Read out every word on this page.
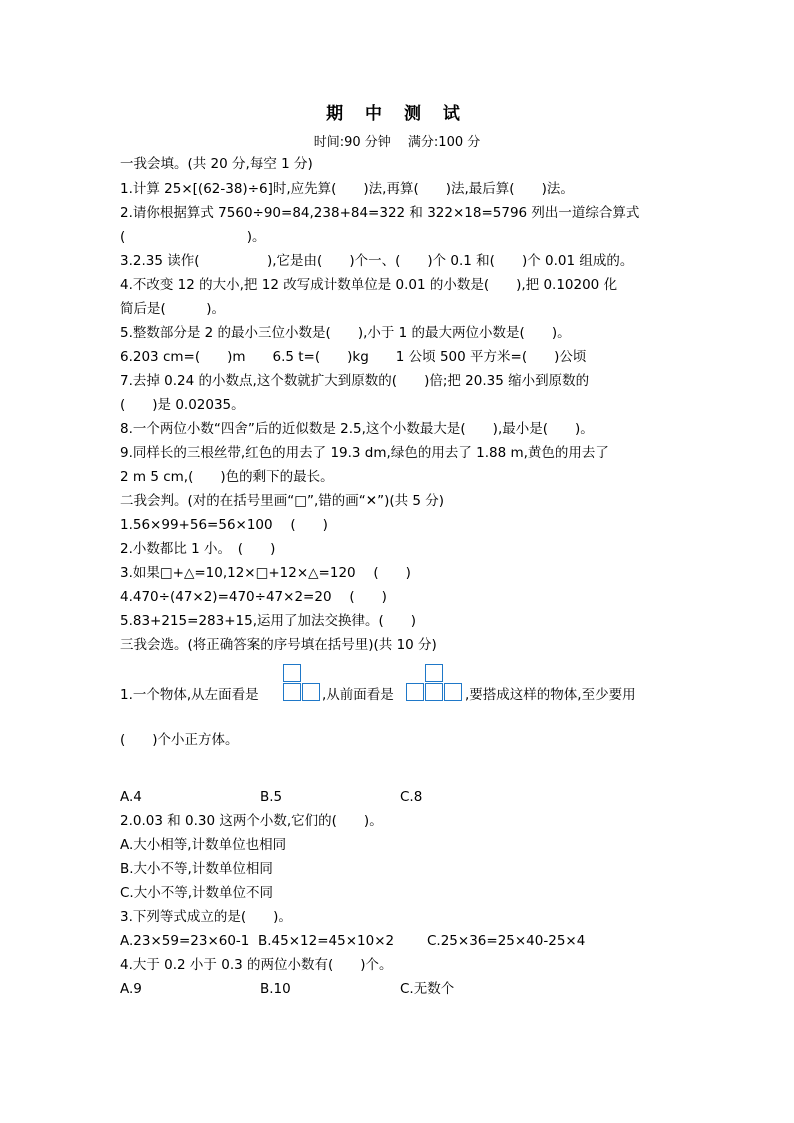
期 中 测 试
时间:90 分钟　 满分:100 分
一我会填。(共 20 分,每空 1 分)
1.计算 25×[(62-38)÷6]时,应先算(　　)法,再算(　　)法,最后算(　　)法。
2.请你根据算式 7560÷90=84,238+84=322 和 322×18=5796 列出一道综合算式
(　　　　　　　　　)。
3.2.35 读作(　　　　　),它是由(　　)个一、(　　)个 0.1 和(　　)个 0.01 组成的。
4.不改变 12 的大小,把 12 改写成计数单位是 0.01 的小数是(　　),把 0.10200 化
简后是(　　　)。
5.整数部分是 2 的最小三位小数是(　　),小于 1 的最大两位小数是(　　)。
6.203 cm=(　　)m　　6.5 t=(　　)kg　　1 公顷 500 平方米=(　　)公顷
7.去掉 0.24 的小数点,这个数就扩大到原数的(　　)倍;把 20.35 缩小到原数的
(　　)是 0.02035。
8.一个两位小数“四舍”后的近似数是 2.5,这个小数最大是(　　),最小是(　　)。
9.同样长的三根丝带,红色的用去了 19.3 dm,绿色的用去了 1.88 m,黄色的用去了
2 m 5 cm,(　　)色的剩下的最长。
二我会判。(对的在括号里画“□”,错的画“✕”)(共 5 分)
1.56×99+56=56×100　 (　　)
2.小数都比 1 小。　(　　)
3.如果□+△=10,12×□+12×△=120　 (　　)
4.470÷(47×2)=470÷47×2=20　 (　　)
5.83+215=283+15,运用了加法交换律。(　　)
三我会选。(将正确答案的序号填在括号里)(共 10 分)
1.一个物体,从左面看是	,从前面看是	,要搭成这样的物体,至少要用
(　　)个小正方体。
A.4	B.5	C.8
2.0.03 和 0.30 这两个小数,它们的(　　)。
A.大小相等,计数单位也相同
B.大小不等,计数单位相同
C.大小不等,计数单位不同
3.下列等式成立的是(　　)。
A.23×59=23×60-1 B.45×12=45×10×2 C.25×36=25×40-25×4
4.大于 0.2 小于 0.3 的两位小数有(　　)个。
A.9	B.10	C.无数个
